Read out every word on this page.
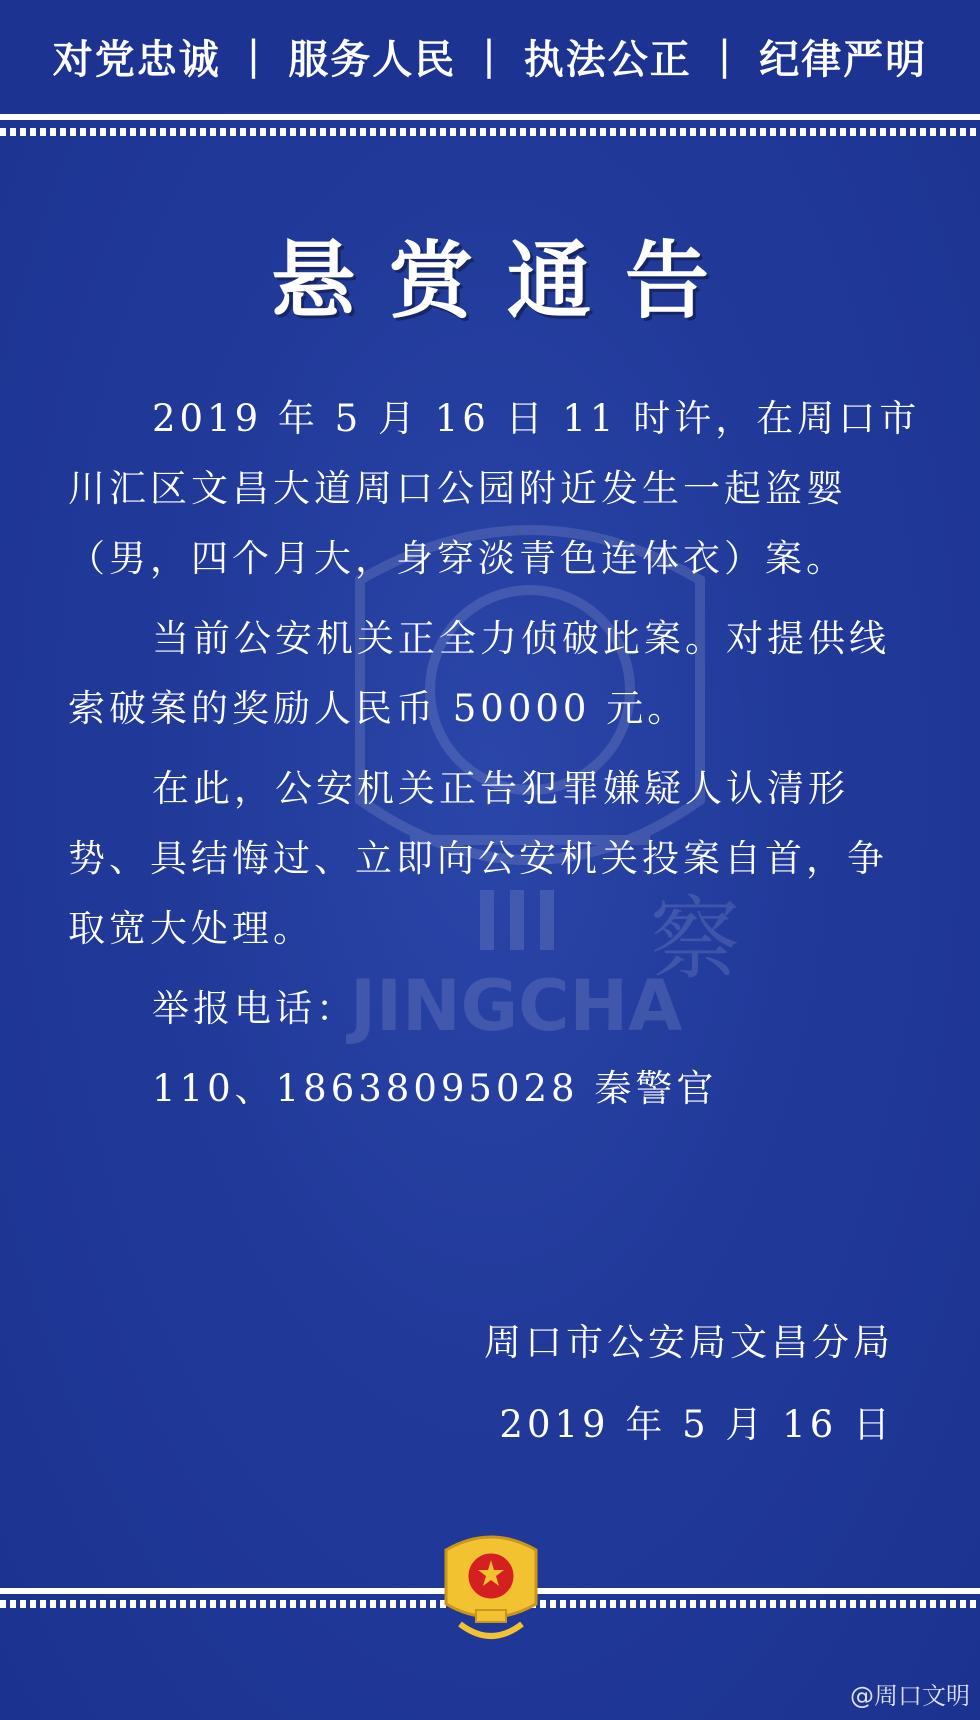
对党忠诚 | 服务人民 | 执法公正 | 纪律严明
JINGCHA
察
悬赏通告

2019 年 5 月 16 日 11 时许，在周口市川汇区文昌大道周口公园附近发生一起盗婴（男，四个月大，身穿淡青色连体衣）案。

当前公安机关正全力侦破此案。对提供线索破案的奖励人民币 50000 元。

在此，公安机关正告犯罪嫌疑人认清形势、具结悔过、立即向公安机关投案自首，争取宽大处理。

举报电话：

110、18638095028 秦警官

周口市公安局文昌分局
2019 年 5 月 16 日
@周口文明
